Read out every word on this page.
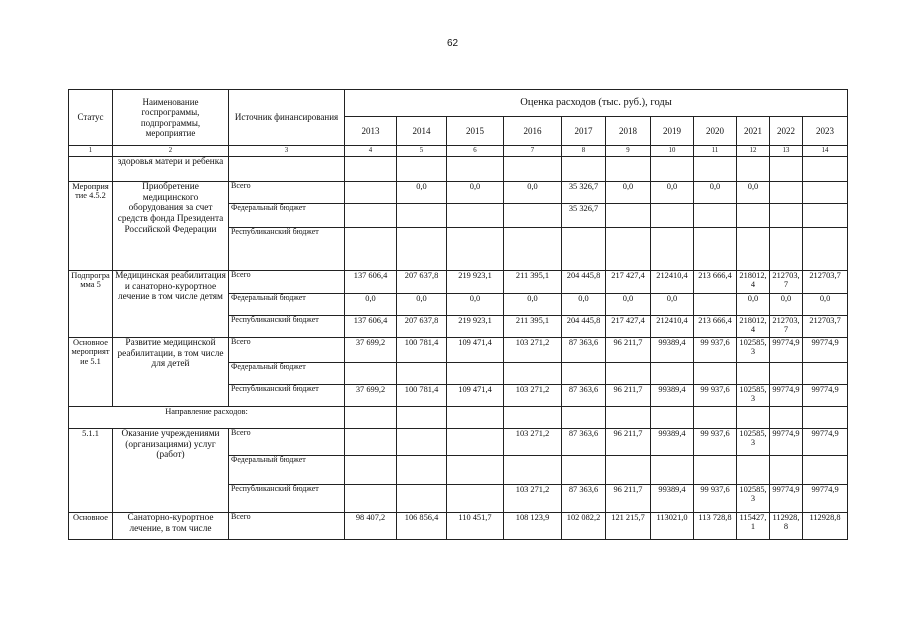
62
Статус	Наименование госпрограммы, подпрограммы, мероприятие	Источник финансирования	Оценка расходов (тыс. руб.), годы										
			2013	2014	2015	2016	2017	2018	2019	2020	2021	2022	2023
1	2	3	4	5	6	7	8	9	10	11	12	13	14
	здоровья матери и ребенка												
Мероприятие 4.5.2	Приобретение медицинского оборудования за счет средств фонда Президента Российской Федерации	Всего		0,0	0,0	0,0	35 326,7	0,0	0,0	0,0	0,0		
		Федеральный бюджет					35 326,7						
		Республиканский бюджет											
Подпрограмма 5	Медицинская реабилитация и санаторно-курортное лечение в том числе детям	Всего	137 606,4	207 637,8	219 923,1	211 395,1	204 445,8	217 427,4	212410,4	213 666,4	218012,4	212703,7	212703,7
		Федеральный бюджет	0,0	0,0	0,0	0,0	0,0	0,0	0,0		0,0	0,0	0,0
		Республиканский бюджет	137 606,4	207 637,8	219 923,1	211 395,1	204 445,8	217 427,4	212410,4	213 666,4	218012,4	212703,7	212703,7
Основное мероприятие 5.1	Развитие медицинской реабилитации, в том числе для детей	Всего	37 699,2	100 781,4	109 471,4	103 271,2	87 363,6	96 211,7	99389,4	99 937,6	102585,3	99774,9	99774,9
		Федеральный бюджет											
		Республиканский бюджет	37 699,2	100 781,4	109 471,4	103 271,2	87 363,6	96 211,7	99389,4	99 937,6	102585,3	99774,9	99774,9
Направление расходов:													
5.1.1	Оказание учреждениями (организациями) услуг (работ)	Всего				103 271,2	87 363,6	96 211,7	99389,4	99 937,6	102585,3	99774,9	99774,9
		Федеральный бюджет											
		Республиканский бюджет				103 271,2	87 363,6	96 211,7	99389,4	99 937,6	102585,3	99774,9	99774,9
Основное	Санаторно-курортное лечение, в том числе	Всего	98 407,2	106 856,4	110 451,7	108 123,9	102 082,2	121 215,7	113021,0	113 728,8	115427,1	112928,8	112928,8
